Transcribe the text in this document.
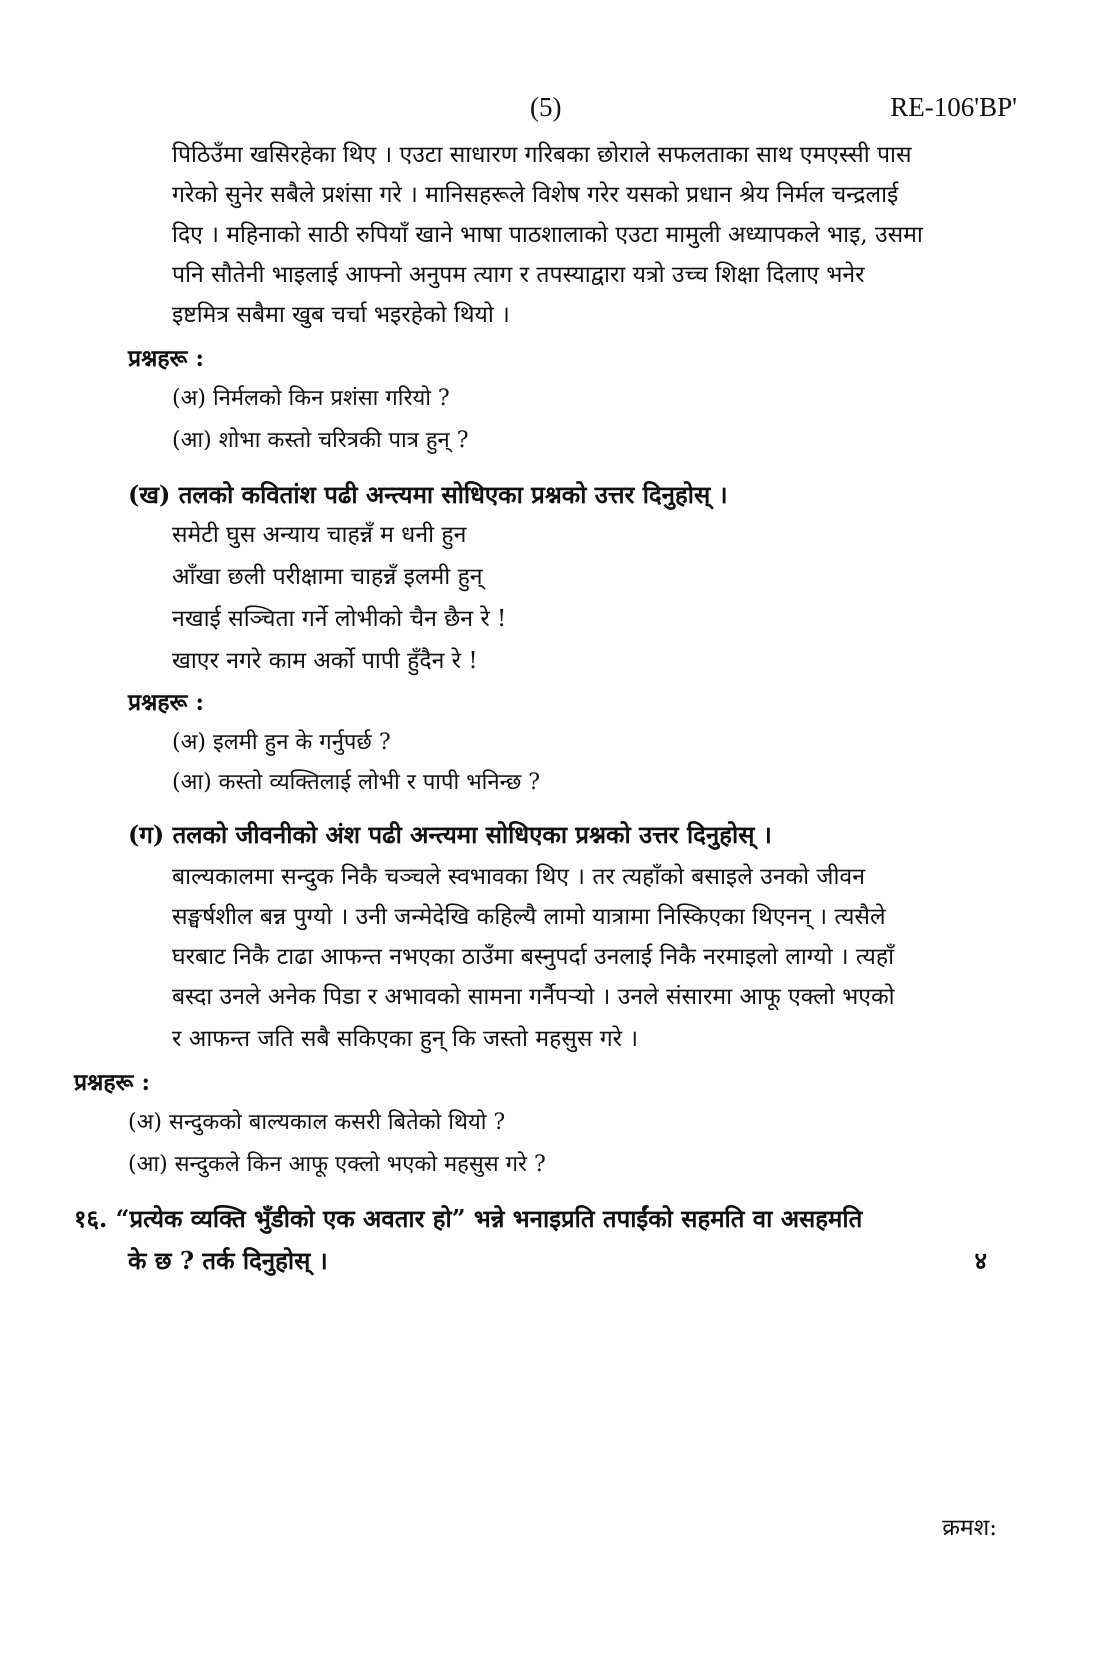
(5)	RE-106'BP'
पिठिउँमा खसिरहेका थिए । एउटा साधारण गरिबका छोराले सफलताका साथ एमएस्सी पास
गरेको सुनेर सबैले प्रशंसा गरे । मानिसहरूले विशेष गरेर यसको प्रधान श्रेय निर्मल चन्द्रलाई
दिए । महिनाको साठी रुपियाँ खाने भाषा पाठशालाको एउटा मामुली अध्यापकले भाइ, उसमा
पनि सौतेनी भाइलाई आफ्नो अनुपम त्याग र तपस्याद्वारा यत्रो उच्च शिक्षा दिलाए भनेर
इष्टमित्र सबैमा खुब चर्चा भइरहेको थियो ।
प्रश्नहरू :
(अ) निर्मलको किन प्रशंसा गरियो ?
(आ) शोभा कस्तो चरित्रकी पात्र हुन् ?
(ख) तलको कवितांश पढी अन्त्यमा सोधिएका प्रश्नको उत्तर दिनुहोस् ।
समेटी घुस अन्याय चाहन्नँ म धनी हुन
आँखा छली परीक्षामा चाहन्नँ इलमी हुन्
नखाई सञ्चिता गर्ने लोभीको चैन छैन रे !
खाएर नगरे काम अर्को पापी हुँदैन रे !
प्रश्नहरू :
(अ) इलमी हुन के गर्नुपर्छ ?
(आ) कस्तो व्यक्तिलाई लोभी र पापी भनिन्छ ?
(ग) तलको जीवनीको अंश पढी अन्त्यमा सोधिएका प्रश्नको उत्तर दिनुहोस् ।
बाल्यकालमा सन्दुक निकै चञ्चले स्वभावका थिए । तर त्यहाँको बसाइले उनको जीवन
सङ्घर्षशील बन्न पुग्यो । उनी जन्मेदेखि कहिल्यै लामो यात्रामा निस्किएका थिएनन् । त्यसैले
घरबाट निकै टाढा आफन्त नभएका ठाउँमा बस्नुपर्दा उनलाई निकै नरमाइलो लाग्यो । त्यहाँ
बस्दा उनले अनेक पिडा र अभावको सामना गर्नैपर्‍यो । उनले संसारमा आफू एक्लो भएको
र आफन्त जति सबै सकिएका हुन् कि जस्तो महसुस गरे ।
प्रश्नहरू :
(अ) सन्दुकको बाल्यकाल कसरी बितेको थियो ?
(आ) सन्दुकले किन आफू एक्लो भएको महसुस गरे ?
१६. “प्रत्येक व्यक्ति भुँडीको एक अवतार हो” भन्ने भनाइप्रति तपाईंको सहमति वा असहमति
के छ ? तर्क दिनुहोस् ।	४
क्रमश:
